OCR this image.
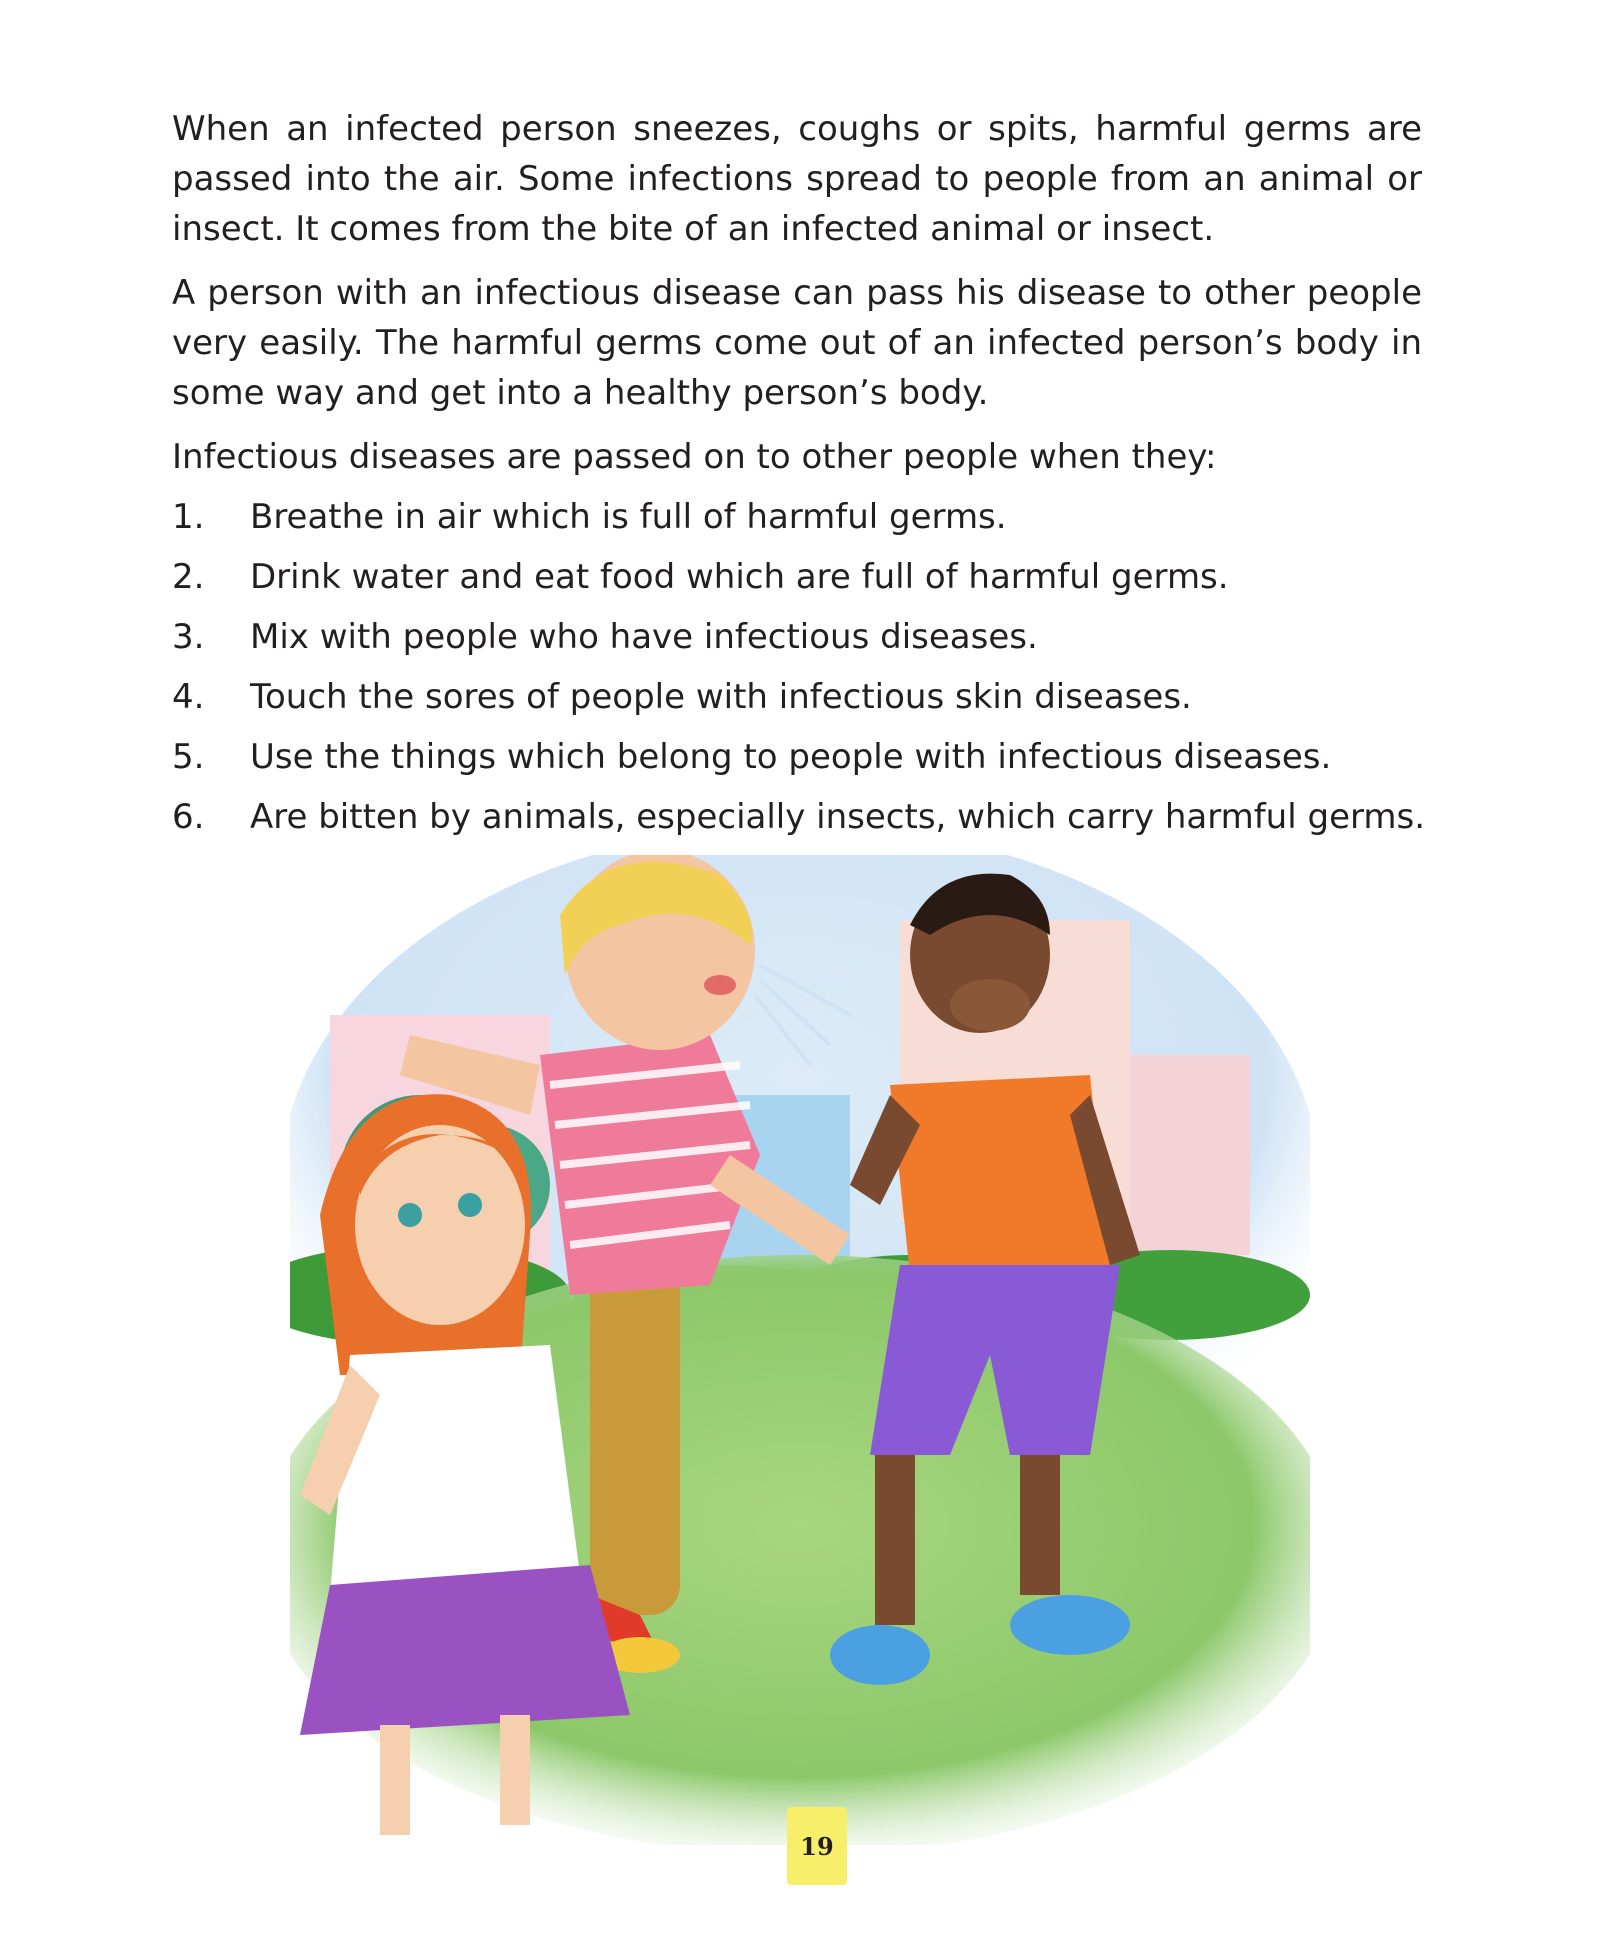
When an infected person sneezes, coughs or spits, harmful germs are passed into the air. Some infections spread to people from an animal or insect. It comes from the bite of an infected animal or insect.

A person with an infectious disease can pass his disease to other people very easily. The harmful germs come out of an infected person’s body in some way and get into a healthy person’s body.

Infectious diseases are passed on to other people when they:

1.	Breathe in air which is full of harmful germs.
2.	Drink water and eat food which are full of harmful germs.
3.	Mix with people who have infectious diseases.
4.	Touch the sores of people with infectious skin diseases.
5.	Use the things which belong to people with infectious diseases.
6.	Are bitten by animals, especially insects, which carry harmful germs.
19
